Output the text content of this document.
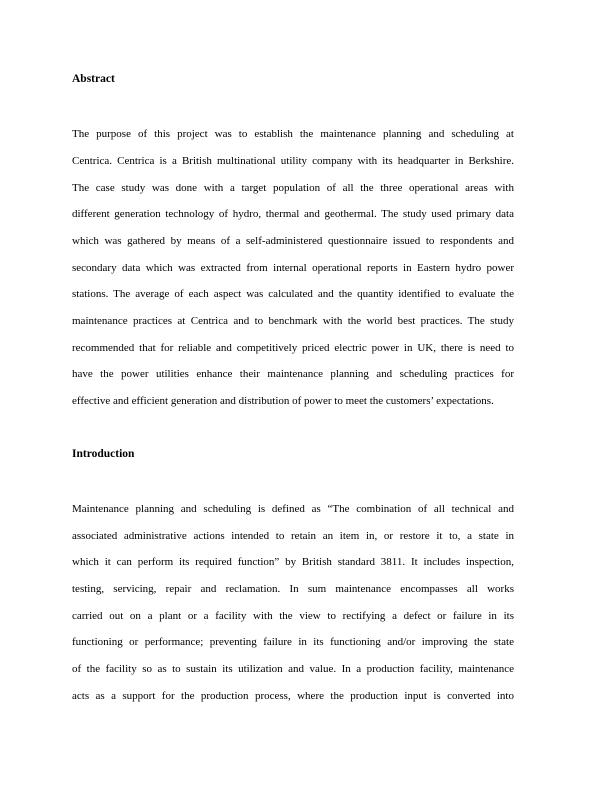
Abstract

The purpose of this project was to establish the maintenance planning and scheduling at

Centrica. Centrica is a British multinational utility company with its headquarter in Berkshire.

The case study was done with a target population of all the three operational areas with

different generation technology of hydro, thermal and geothermal. The study used primary data

which was gathered by means of a self-administered questionnaire issued to respondents and

secondary data which was extracted from internal operational reports in Eastern hydro power

stations. The average of each aspect was calculated and the quantity identified to evaluate the

maintenance practices at Centrica and to benchmark with the world best practices. The study

recommended that for reliable and competitively priced electric power in UK, there is need to

have the power utilities enhance their maintenance planning and scheduling practices for

effective and efficient generation and distribution of power to meet the customers’ expectations.

Introduction

Maintenance planning and scheduling is defined as “The combination of all technical and

associated administrative actions intended to retain an item in, or restore it to, a state in

which it can perform its required function” by British standard 3811. It includes inspection,

testing, servicing, repair and reclamation. In sum maintenance encompasses all works

carried out on a plant or a facility with the view to rectifying a defect or failure in its

functioning or performance; preventing failure in its functioning and/or improving the state

of the facility so as to sustain its utilization and value. In a production facility, maintenance

acts as a support for the production process, where the production input is converted into
